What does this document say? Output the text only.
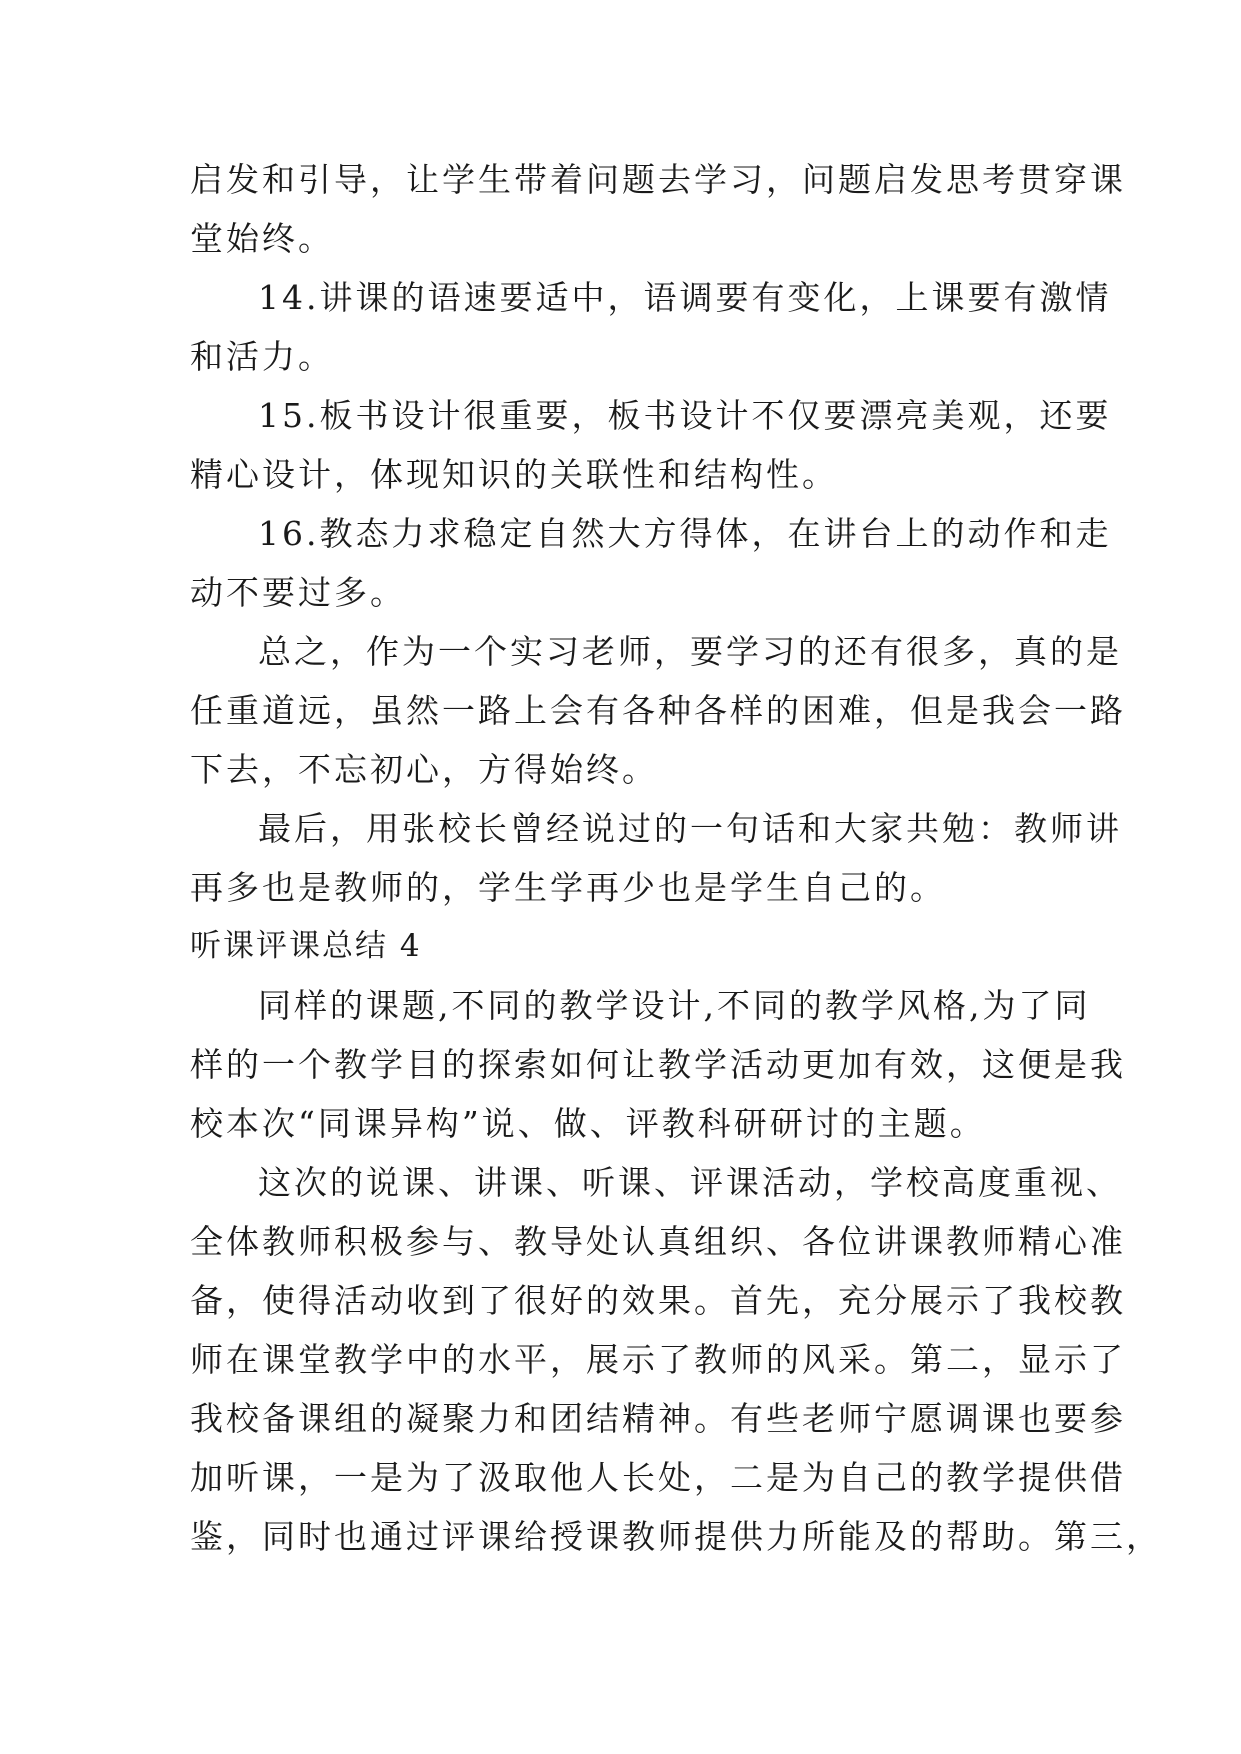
启发和引导，让学生带着问题去学习，问题启发思考贯穿课
堂始终。
14.讲课的语速要适中，语调要有变化，上课要有激情
和活力。
15.板书设计很重要，板书设计不仅要漂亮美观，还要
精心设计，体现知识的关联性和结构性。
16.教态力求稳定自然大方得体，在讲台上的动作和走
动不要过多。
总之，作为一个实习老师，要学习的还有很多，真的是
任重道远，虽然一路上会有各种各样的困难，但是我会一路
下去，不忘初心，方得始终。
最后，用张校长曾经说过的一句话和大家共勉：教师讲
再多也是教师的，学生学再少也是学生自己的。
听课评课总结 4
同样的课题,不同的教学设计,不同的教学风格,为了同
样的一个教学目的探索如何让教学活动更加有效，这便是我
校本次“同课异构”说、做、评教科研研讨的主题。
这次的说课、讲课、听课、评课活动，学校高度重视、
全体教师积极参与、教导处认真组织、各位讲课教师精心准
备，使得活动收到了很好的效果。首先，充分展示了我校教
师在课堂教学中的水平，展示了教师的风采。第二，显示了
我校备课组的凝聚力和团结精神。有些老师宁愿调课也要参
加听课，一是为了汲取他人长处，二是为自己的教学提供借
鉴，同时也通过评课给授课教师提供力所能及的帮助。第三，
